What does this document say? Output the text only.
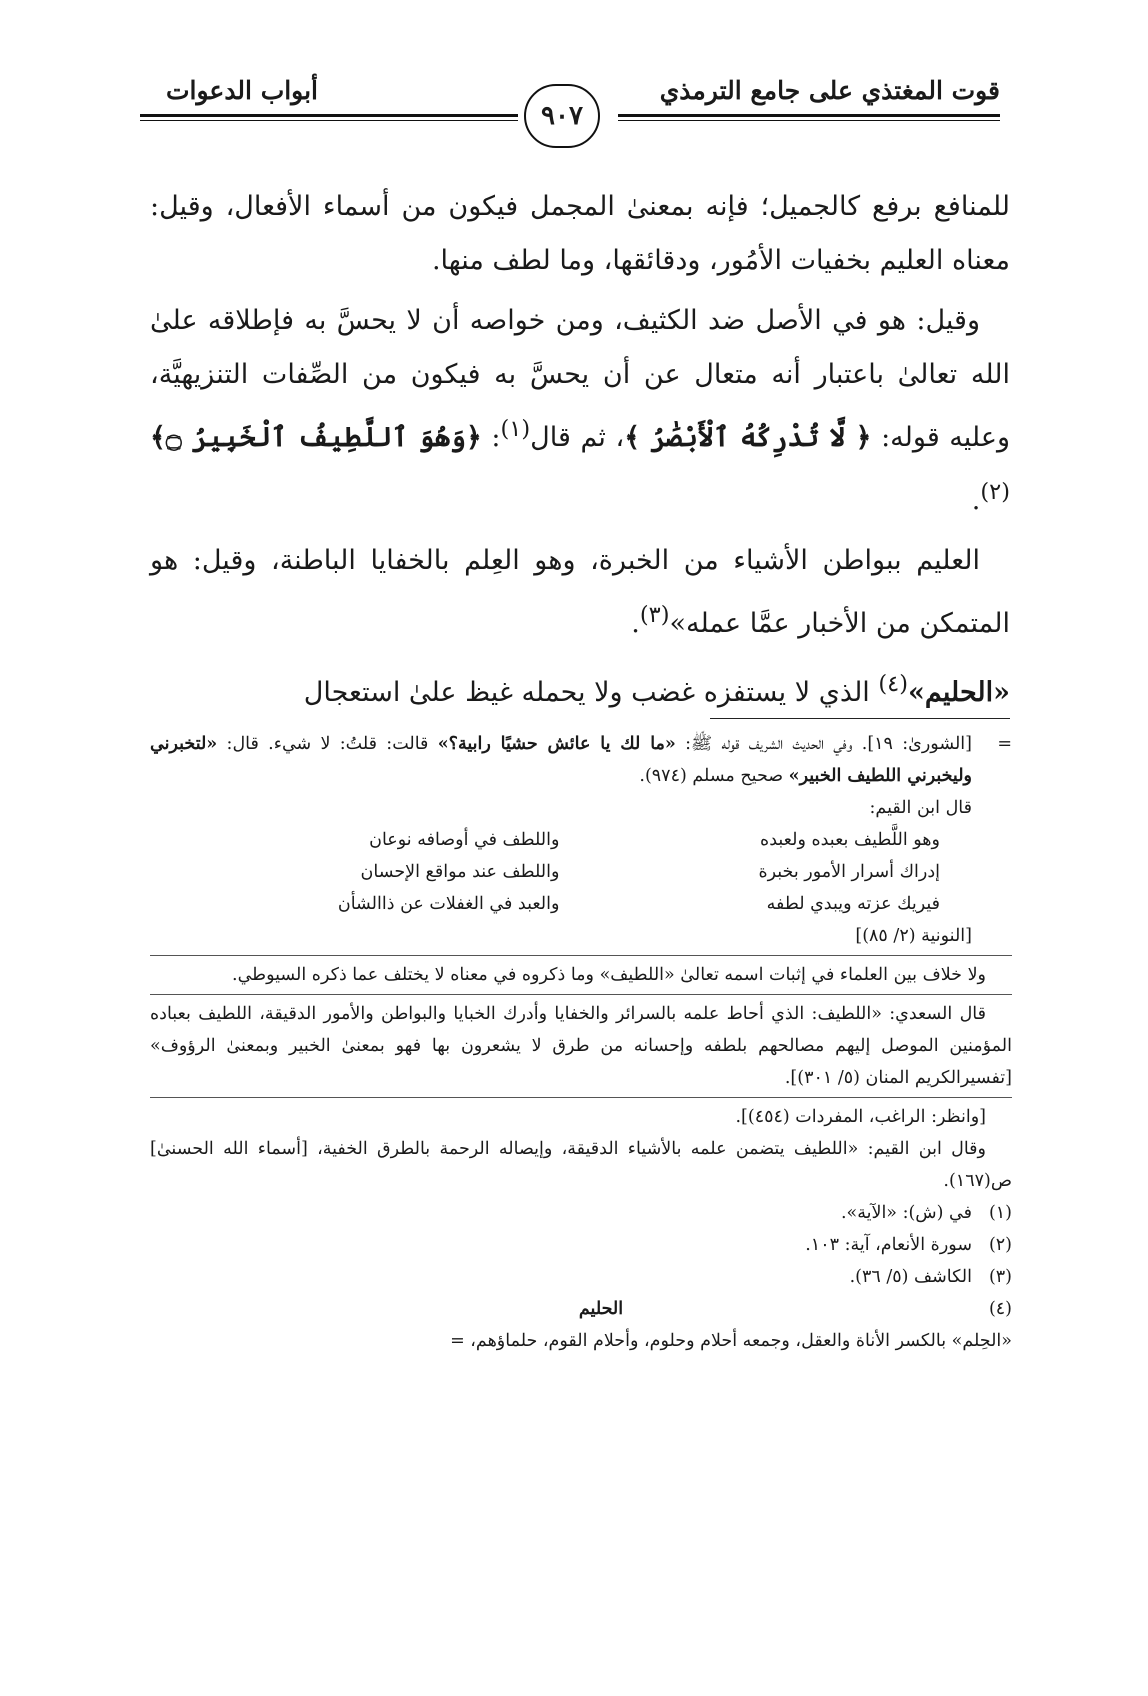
قوت المغتذي على جامع الترمذي
أبواب الدعوات
٩٠٧

للمنافع برفع كالجميل؛ فإنه بمعنىٰ المجمل فيكون من أسماء الأفعال، وقيل: معناه العليم بخفيات الأمُور، ودقائقها، وما لطف منها.

وقيل: هو في الأصل ضد الكثيف، ومن خواصه أن لا يحسَّ به فإطلاقه علىٰ الله تعالىٰ باعتبار أنه متعال عن أن يحسَّ به فيكون من الصِّفات التنزيهيَّة، وعليه قوله: ﴿ لَّا تُدْرِكُهُ ٱلْأَبْصَٰرُ ﴾، ثم قال$^{(١)}$: ﴿وَهُوَ ٱللَّطِيفُ ٱلْخَبِيرُ ۝﴾$^{(٢)}$.

العليم ببواطن الأشياء من الخبرة، وهو العِلم بالخفايا الباطنة، وقيل: هو المتمكن من الأخبار عمَّا عمله»$^{(٣)}$.

«الحليم»$^{(٤)}$ الذي لا يستفزه غضب ولا يحمله غيظ علىٰ استعجال

=
[الشورىٰ: ١٩]. وفي الحديث الشريف قوله ﷺ: «ما لك يا عائش حشيًا رابية؟» قالت: قلتُ: لا شيء. قال: «لتخبرني وليخبرني اللطيف الخبير» صحيح مسلم (٩٧٤).

قال ابن القيم:

وهو اللَّطيف بعبده ولعبده
واللطف في أوصافه نوعان
إدراك أسرار الأمور بخبرة
واللطف عند مواقع الإحسان
فيريك عزته ويبدي لطفه
والعبد في الغفلات عن ذاالشأن

[النونية (٢/ ٨٥)]

ولا خلاف بين العلماء في إثبات اسمه تعالىٰ «اللطيف» وما ذكروه في معناه لا يختلف عما ذكره السيوطي.

قال السعدي: «اللطيف: الذي أحاط علمه بالسرائر والخفايا وأدرك الخبايا والبواطن والأمور الدقيقة، اللطيف بعباده المؤمنين الموصل إليهم مصالحهم بلطفه وإحسانه من طرق لا يشعرون بها فهو بمعنىٰ الخبير وبمعنىٰ الرؤوف» [تفسيرالكريم المنان (٥/ ٣٠١)].

[وانظر: الراغب، المفردات (٤٥٤)].

وقال ابن القيم: «اللطيف يتضمن علمه بالأشياء الدقيقة، وإيصاله الرحمة بالطرق الخفية، [أسماء الله الحسنىٰ] ص(١٦٧).

(١)
في (ش): «الآية».
(٢)
سورة الأنعام، آية: ١٠٣.
(٣)
الكاشف (٥/ ٣٦).
(٤)
الحليم

«الحِلم» بالكسر الأناة والعقل، وجمعه أحلام وحلوم، وأحلام القوم، حلماؤهم، =
